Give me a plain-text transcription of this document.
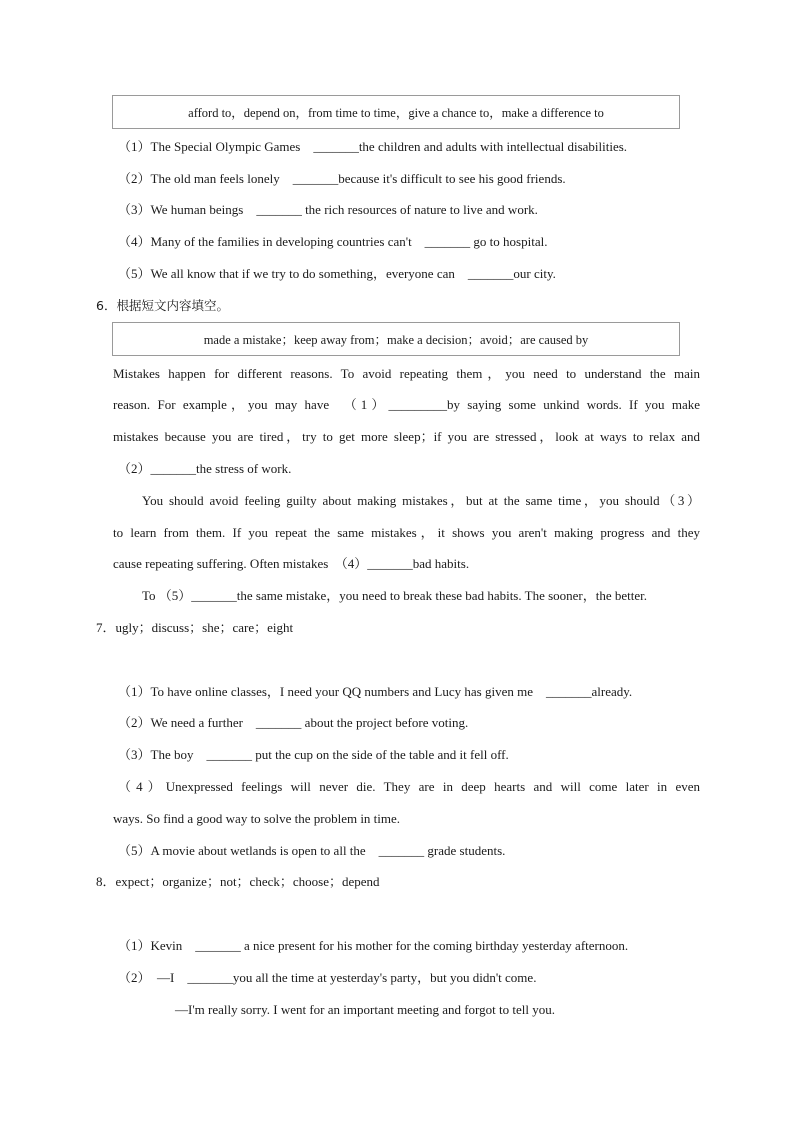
afford to，depend on，from time to time，give a chance to，make a difference to
（1）The Special Olympic Games　_______the children and adults with intellectual disabilities.
（2）The old man feels lonely　_______because it's difficult to see his good friends.
（3）We human beings　_______ the rich resources of nature to live and work.
（4）Many of the families in developing countries can't　_______ go to hospital.
（5）We all know that if we try to do something，everyone can　_______our city.
6．根据短文内容填空。
made a mistake；keep away from；make a decision；avoid；are caused by
Mistakes happen for different reasons. To avoid repeating them，you need to understand the main
reason. For example，you may have　（1）_________by saying some unkind words. If you make
mistakes because you are tired，try to get more sleep；if you are stressed，look at ways to relax and
（2）_______the stress of work.
You should avoid feeling guilty about making mistakes，but at the same time，you should（3）
to learn from them. If you repeat the same mistakes，it shows you aren't making progress and they
cause repeating suffering. Often mistakes　（4）_______bad habits.
To （5）_______the same mistake，you need to break these bad habits. The sooner，the better.
7．ugly；discuss；she；care；eight
（1）To have online classes，I need your QQ numbers and Lucy has given me　_______already.
（2）We need a further　_______ about the project before voting.
（3）The boy　_______ put the cup on the side of the table and it fell off.
（4）Unexpressed feelings will never die. They are in deep hearts and will come later in even
ways. So find a good way to solve the problem in time.
（5）A movie about wetlands is open to all the　_______ grade students.
8．expect；organize；not；check；choose；depend
（1）Kevin　_______ a nice present for his mother for the coming birthday yesterday afternoon.
（2）　—I　_______you all the time at yesterday's party，but you didn't come.
—I'm really sorry. I went for an important meeting and forgot to tell you.
